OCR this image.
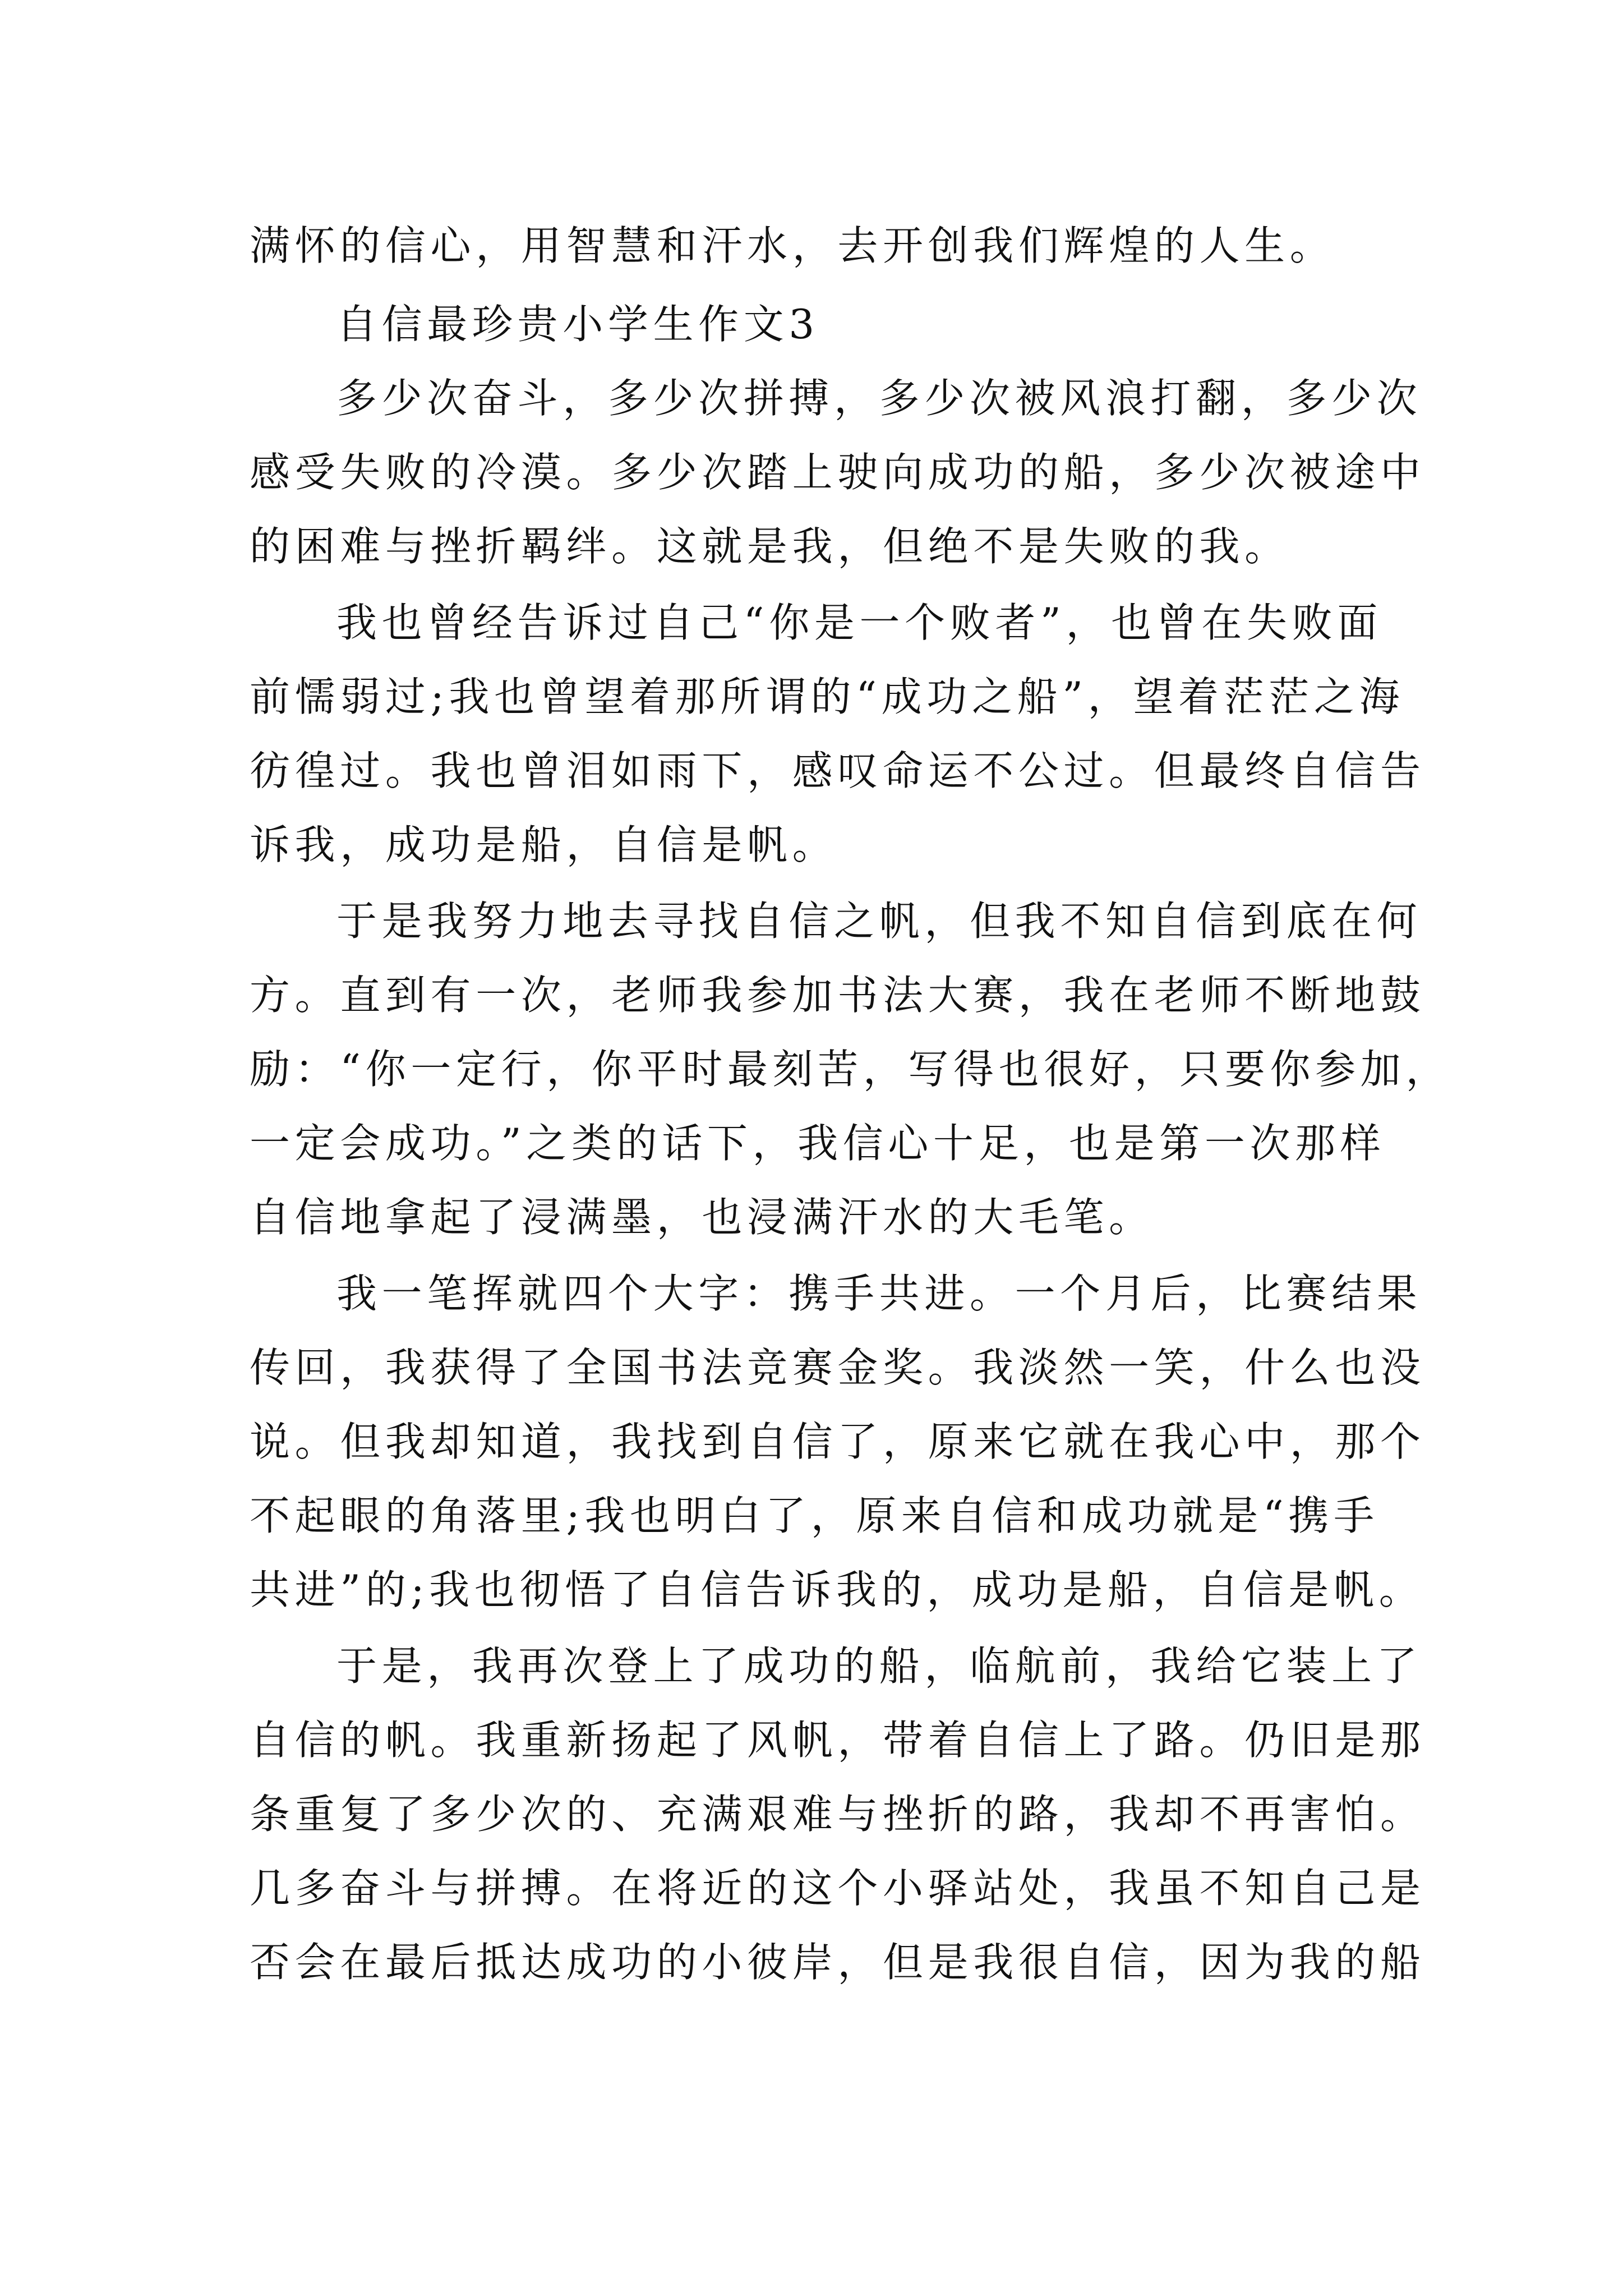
满怀的信心，用智慧和汗水，去开创我们辉煌的人生。
自信最珍贵小学生作文3
多少次奋斗，多少次拼搏，多少次被风浪打翻，多少次
感受失败的冷漠。多少次踏上驶向成功的船，多少次被途中
的困难与挫折羁绊。这就是我，但绝不是失败的我。
我也曾经告诉过自己“你是一个败者”，也曾在失败面
前懦弱过;我也曾望着那所谓的“成功之船”，望着茫茫之海
彷徨过。我也曾泪如雨下，感叹命运不公过。但最终自信告
诉我，成功是船，自信是帆。
于是我努力地去寻找自信之帆，但我不知自信到底在何
方。直到有一次，老师我参加书法大赛，我在老师不断地鼓
励：“你一定行，你平时最刻苦，写得也很好，只要你参加，
一定会成功。”之类的话下，我信心十足，也是第一次那样
自信地拿起了浸满墨，也浸满汗水的大毛笔。
我一笔挥就四个大字：携手共进。一个月后，比赛结果
传回，我获得了全国书法竞赛金奖。我淡然一笑，什么也没
说。但我却知道，我找到自信了，原来它就在我心中，那个
不起眼的角落里;我也明白了，原来自信和成功就是“携手
共进”的;我也彻悟了自信告诉我的，成功是船，自信是帆。
于是，我再次登上了成功的船，临航前，我给它装上了
自信的帆。我重新扬起了风帆，带着自信上了路。仍旧是那
条重复了多少次的、充满艰难与挫折的路，我却不再害怕。
几多奋斗与拼搏。在将近的这个小驿站处，我虽不知自己是
否会在最后抵达成功的小彼岸，但是我很自信，因为我的船
